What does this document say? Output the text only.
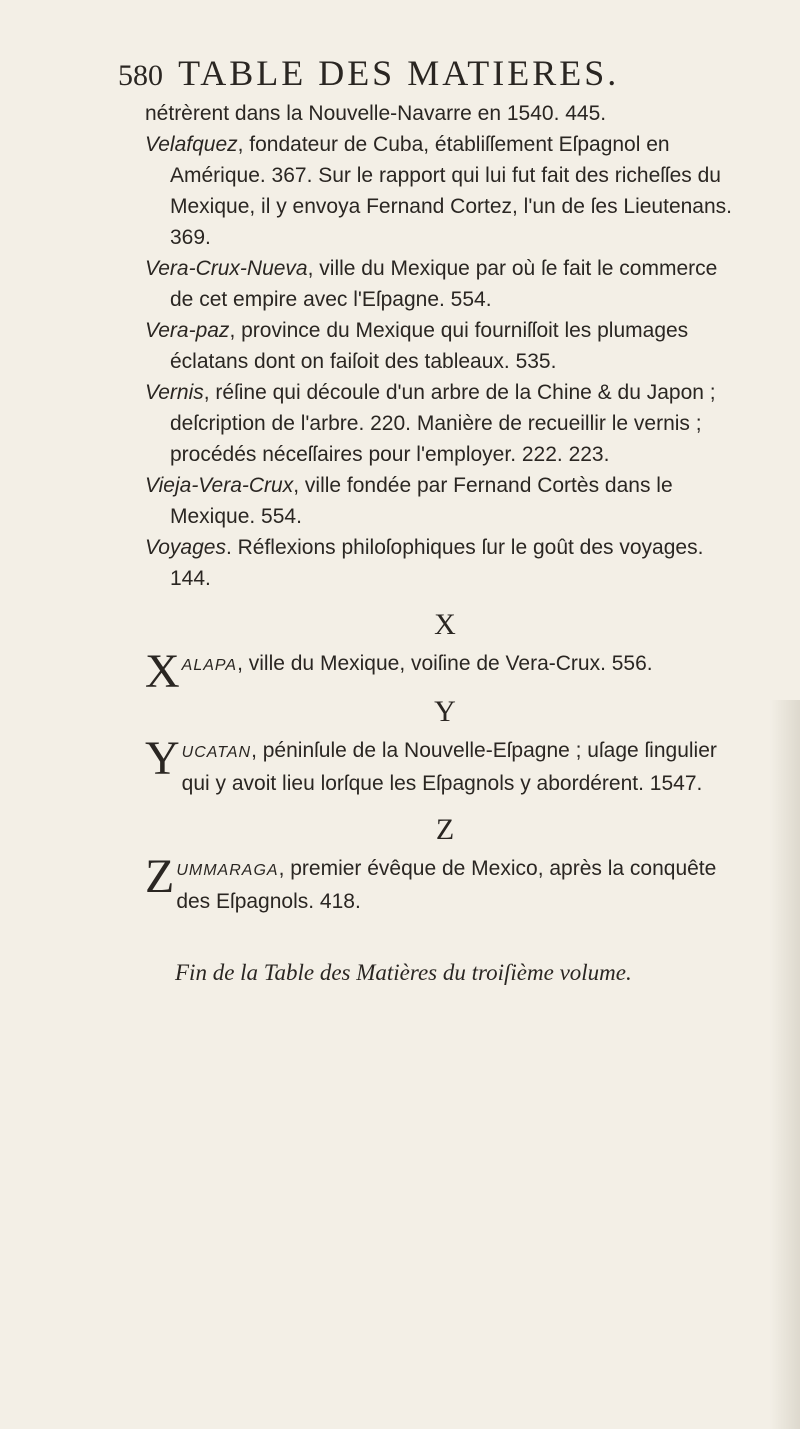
580 TABLE DES MATIERES.

nétrèrent dans la Nouvelle-Navarre en 1540. 445.

Velafquez, fondateur de Cuba, établiſſement Eſpagnol en Amérique. 367. Sur le rapport qui lui fut fait des richeſſes du Mexique, il y envoya Fernand Cortez, l'un de ſes Lieutenans. 369.

Vera-Crux-Nueva, ville du Mexique par où ſe fait le commerce de cet empire avec l'Eſpagne. 554.

Vera-paz, province du Mexique qui fourniſſoit les plumages éclatans dont on faiſoit des tableaux. 535.

Vernis, réſine qui découle d'un arbre de la Chine & du Japon ; deſcription de l'arbre. 220. Manière de recueillir le vernis ; procédés néceſſaires pour l'employer. 222. 223.

Vieja-Vera-Crux, ville fondée par Fernand Cortès dans le Mexique. 554.

Voyages. Réflexions philoſophiques ſur le goût des voyages. 144.

X

XALAPA, ville du Mexique, voiſine de Vera-Crux. 556.

Y

YUCATAN, péninſule de la Nouvelle-Eſpagne ; uſage ſingulier qui y avoit lieu lorſque les Eſpagnols y abordérent. 1547.

Z

ZUMMARAGA, premier évêque de Mexico, après la conquête des Eſpagnols. 418.

Fin de la Table des Matières du troiſième volume.
